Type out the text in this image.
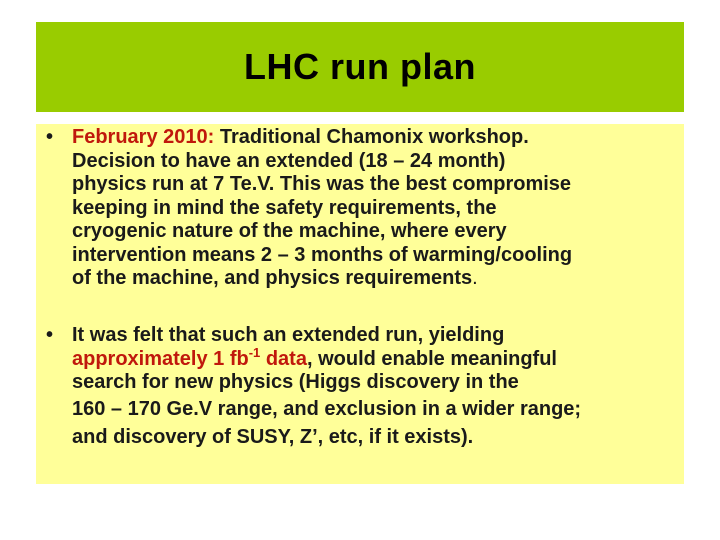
LHC run plan
• February 2010: Traditional Chamonix workshop.
Decision to have an extended (18 – 24 month)
physics run at 7 Te.V. This was the best compromise
keeping in mind the safety requirements, the
cryogenic nature of the machine, where every
intervention means 2 – 3 months of warming/cooling
of the machine, and physics requirements.
• It was felt that such an extended run, yielding
approximately 1 $fb^{-1}$ data, would enable meaningful
search for new physics (Higgs discovery in the
160 – 170 Ge.V range, and exclusion in a wider range;
and discovery of SUSY, Z’, etc, if it exists).
